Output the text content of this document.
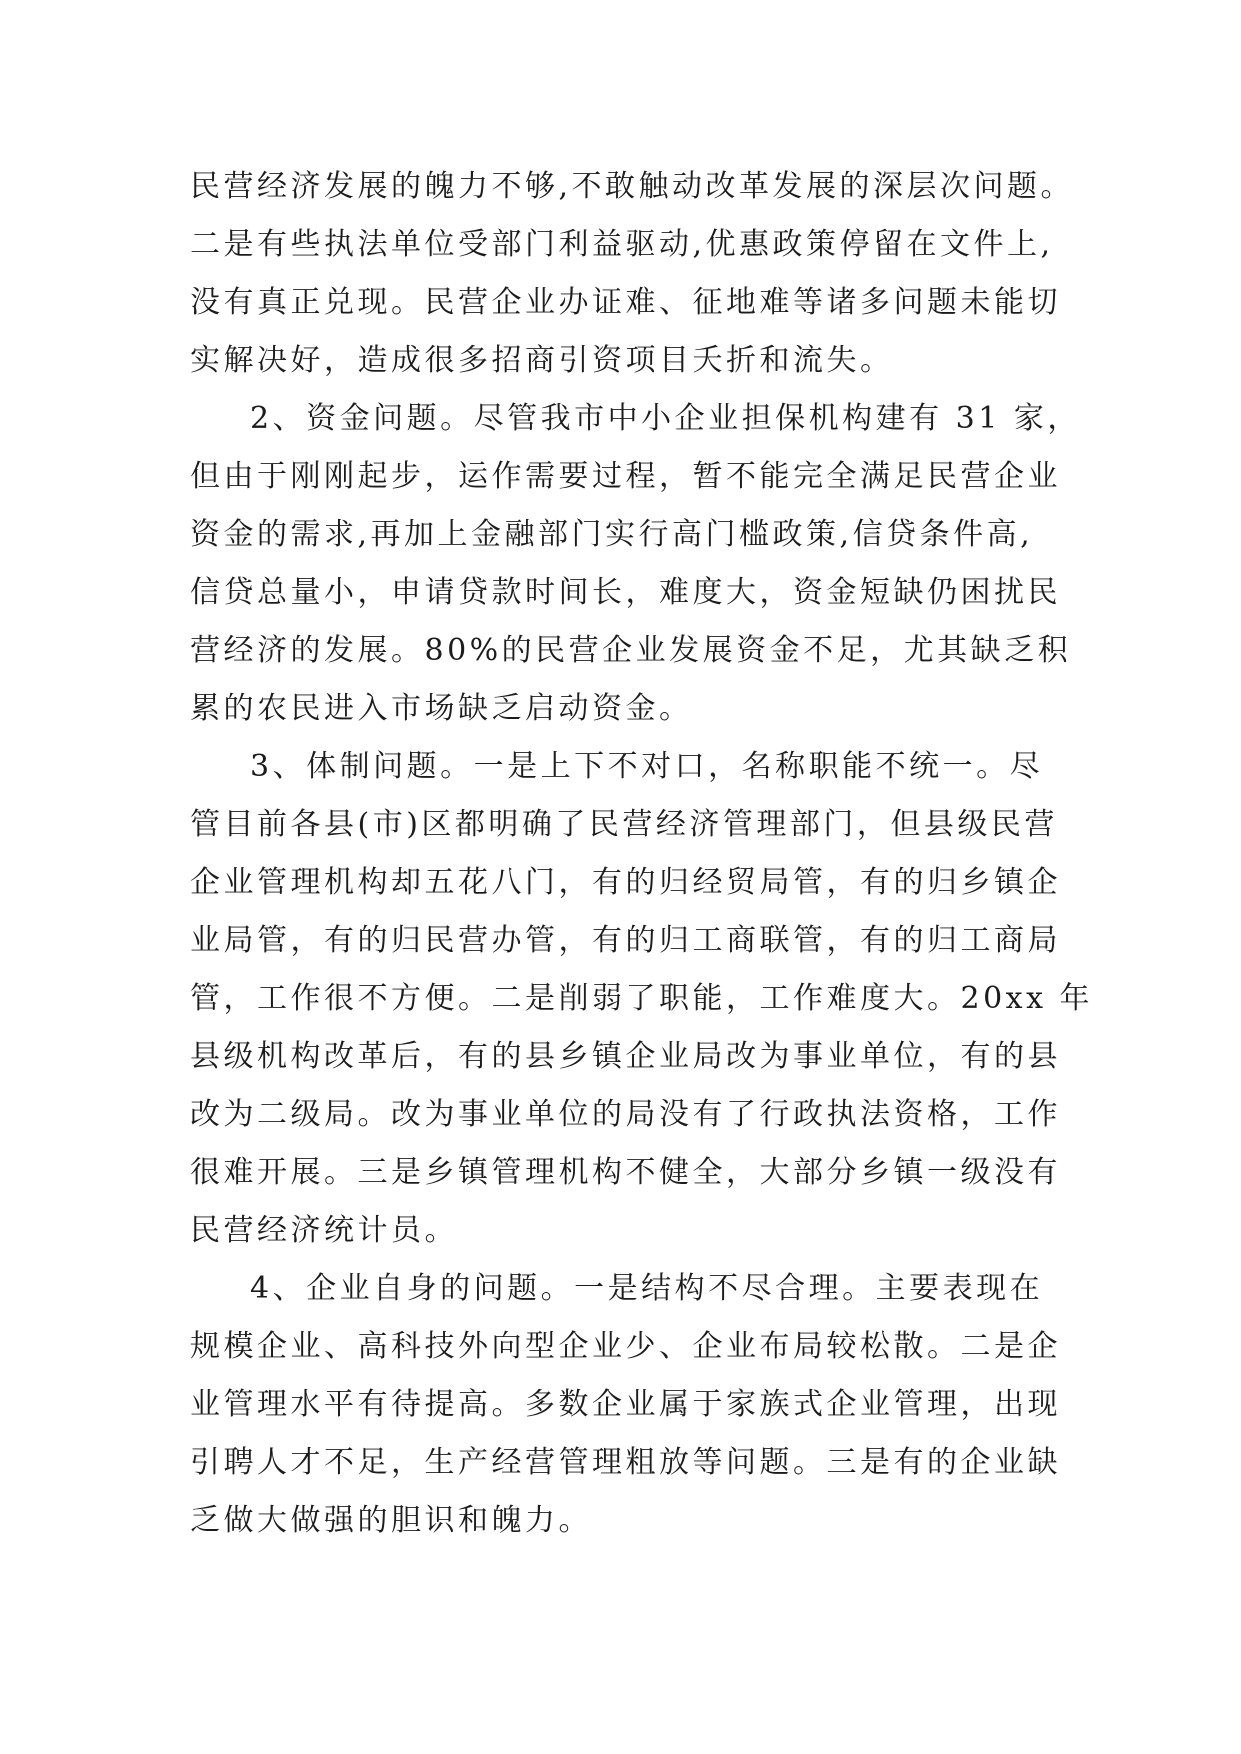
民营经济发展的魄力不够,不敢触动改革发展的深层次问题。
二是有些执法单位受部门利益驱动,优惠政策停留在文件上,
没有真正兑现。民营企业办证难、征地难等诸多问题未能切
实解决好，造成很多招商引资项目夭折和流失。
2、资金问题。尽管我市中小企业担保机构建有 31 家，
但由于刚刚起步，运作需要过程，暂不能完全满足民营企业
资金的需求,再加上金融部门实行高门槛政策,信贷条件高,
信贷总量小，申请贷款时间长，难度大，资金短缺仍困扰民
营经济的发展。80%的民营企业发展资金不足，尤其缺乏积
累的农民进入市场缺乏启动资金。
3、体制问题。一是上下不对口，名称职能不统一。尽
管目前各县(市)区都明确了民营经济管理部门，但县级民营
企业管理机构却五花八门，有的归经贸局管，有的归乡镇企
业局管，有的归民营办管，有的归工商联管，有的归工商局
管，工作很不方便。二是削弱了职能，工作难度大。20xx 年
县级机构改革后，有的县乡镇企业局改为事业单位，有的县
改为二级局。改为事业单位的局没有了行政执法资格，工作
很难开展。三是乡镇管理机构不健全，大部分乡镇一级没有
民营经济统计员。
4、企业自身的问题。一是结构不尽合理。主要表现在
规模企业、高科技外向型企业少、企业布局较松散。二是企
业管理水平有待提高。多数企业属于家族式企业管理，出现
引聘人才不足，生产经营管理粗放等问题。三是有的企业缺
乏做大做强的胆识和魄力。
